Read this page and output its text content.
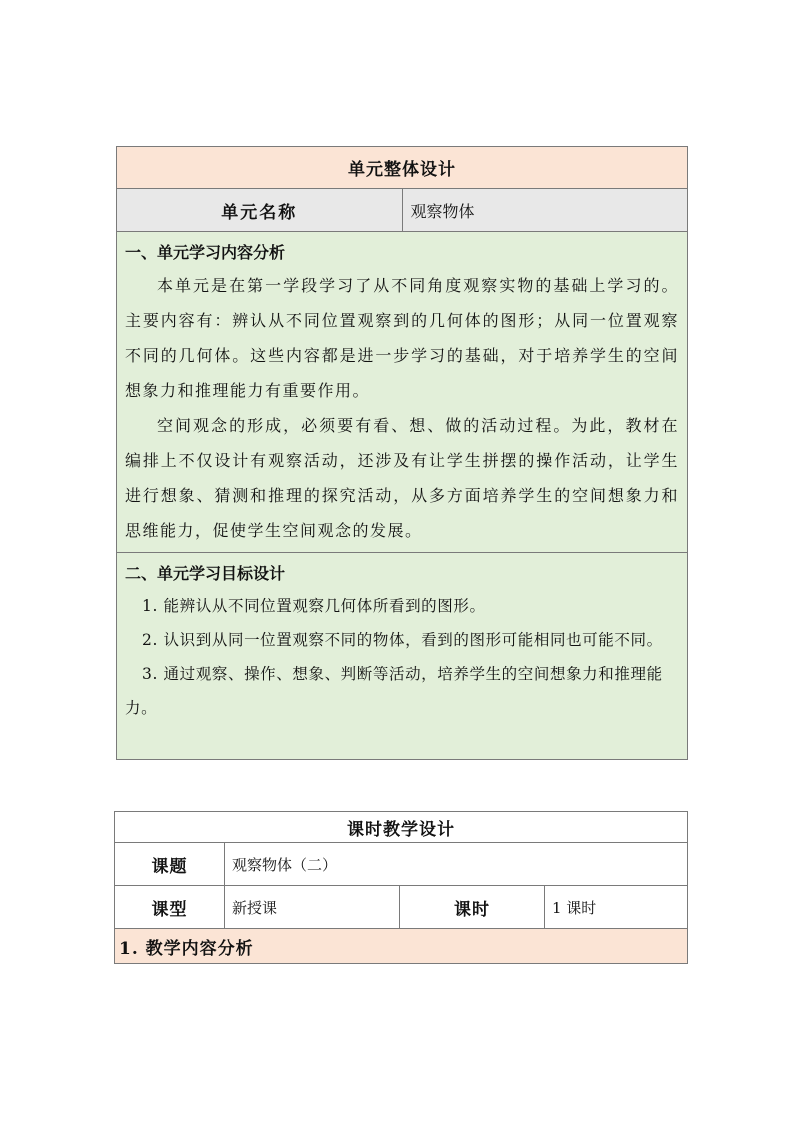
单元整体设计
单元名称	观察物体

一、单元学习内容分析

本单元是在第一学段学习了从不同角度观察实物的基础上学习的。主要内容有：辨认从不同位置观察到的几何体的图形；从同一位置观察不同的几何体。这些内容都是进一步学习的基础，对于培养学生的空间想象力和推理能力有重要作用。

空间观念的形成，必须要有看、想、做的活动过程。为此，教材在编排上不仅设计有观察活动，还涉及有让学生拼摆的操作活动，让学生进行想象、猜测和推理的探究活动，从多方面培养学生的空间想象力和思维能力，促使学生空间观念的发展。

二、单元学习目标设计

1. 能辨认从不同位置观察几何体所看到的图形。

2. 认识到从同一位置观察不同的物体，看到的图形可能相同也可能不同。

3. 通过观察、操作、想象、判断等活动，培养学生的空间想象力和推理能力。

课时教学设计			
课题	观察物体（二）		
课型	新授课	课时	1 课时
1. 教学内容分析			
